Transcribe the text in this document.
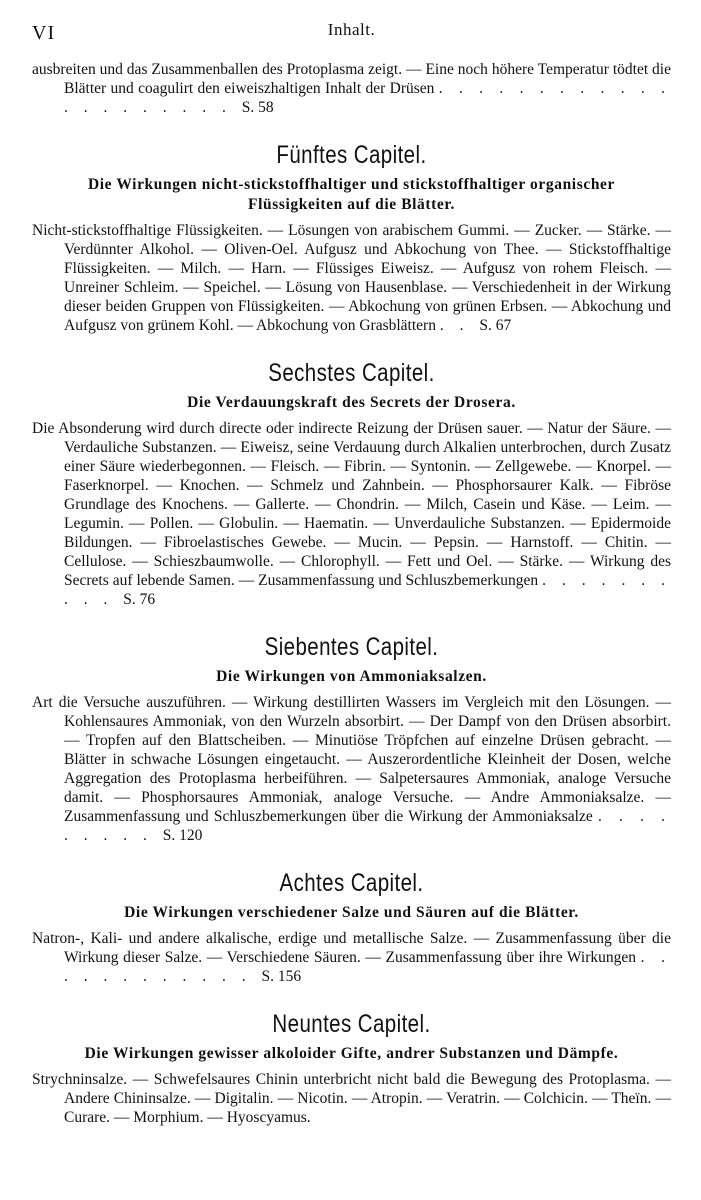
VI	Inhalt.
ausbreiten und das Zusammenballen des Protoplasma zeigt. — Eine noch höhere Temperatur tödtet die Blätter und coagulirt den eiweiszhaltigen Inhalt der Drüsen . . . . . . . . . . . . . . . . . . . . . S. 58
Fünftes Capitel.
Die Wirkungen nicht-stickstoffhaltiger und stickstoffhaltiger organischer Flüssigkeiten auf die Blätter.
Nicht-stickstoffhaltige Flüssigkeiten. — Lösungen von arabischem Gummi. — Zucker. — Stärke. — Verdünnter Alkohol. — Oliven-Oel. Aufgusz und Abkochung von Thee. — Stickstoffhaltige Flüssigkeiten. — Milch. — Harn. — Flüssiges Eiweisz. — Aufgusz von rohem Fleisch. — Unreiner Schleim. — Speichel. — Lösung von Hausenblase. — Verschiedenheit in der Wirkung dieser beiden Gruppen von Flüssigkeiten. — Abkochung von grünen Erbsen. — Abkochung und Aufgusz von grünem Kohl. — Abkochung von Grasblättern . . S. 67
Sechstes Capitel.
Die Verdauungskraft des Secrets der Drosera.
Die Absonderung wird durch directe oder indirecte Reizung der Drüsen sauer. — Natur der Säure. — Verdauliche Substanzen. — Eiweisz, seine Verdauung durch Alkalien unterbrochen, durch Zusatz einer Säure wiederbegonnen. — Fleisch. — Fibrin. — Syntonin. — Zellgewebe. — Knorpel. — Faserknorpel. — Knochen. — Schmelz und Zahnbein. — Phosphorsaurer Kalk. — Fibröse Grundlage des Knochens. — Gallerte. — Chondrin. — Milch, Casein und Käse. — Leim. — Legumin. — Pollen. — Globulin. — Haematin. — Unverdauliche Substanzen. — Epidermoide Bildungen. — Fibroelastisches Gewebe. — Mucin. — Pepsin. — Harnstoff. — Chitin. — Cellulose. — Schieszbaumwolle. — Chlorophyll. — Fett und Oel. — Stärke. — Wirkung des Secrets auf lebende Samen. — Zusammenfassung und Schluszbemerkungen . . . . . . . . . . S. 76
Siebentes Capitel.
Die Wirkungen von Ammoniaksalzen.
Art die Versuche auszuführen. — Wirkung destillirten Wassers im Vergleich mit den Lösungen. — Kohlensaures Ammoniak, von den Wurzeln absorbirt. — Der Dampf von den Drüsen absorbirt. — Tropfen auf den Blattscheiben. — Minutiöse Tröpfchen auf einzelne Drüsen gebracht. — Blätter in schwache Lösungen eingetaucht. — Auszerordentliche Kleinheit der Dosen, welche Aggregation des Protoplasma herbeiführen. — Salpetersaures Ammoniak, analoge Versuche damit. — Phosphorsaures Ammoniak, analoge Versuche. — Andre Ammoniaksalze. — Zusammenfassung und Schluszbemerkungen über die Wirkung der Ammoniaksalze . . . . . . . . . S. 120
Achtes Capitel.
Die Wirkungen verschiedener Salze und Säuren auf die Blätter.
Natron-, Kali- und andere alkalische, erdige und metallische Salze. — Zusammenfassung über die Wirkung dieser Salze. — Verschiedene Säuren. — Zusammenfassung über ihre Wirkungen . . . . . . . . . . . . S. 156
Neuntes Capitel.
Die Wirkungen gewisser alkoloider Gifte, andrer Substanzen und Dämpfe.
Strychninsalze. — Schwefelsaures Chinin unterbricht nicht bald die Bewegung des Protoplasma. — Andere Chininsalze. — Digitalin. — Nicotin. — Atropin. — Veratrin. — Colchicin. — Theïn. — Curare. — Morphium. — Hyoscyamus.
